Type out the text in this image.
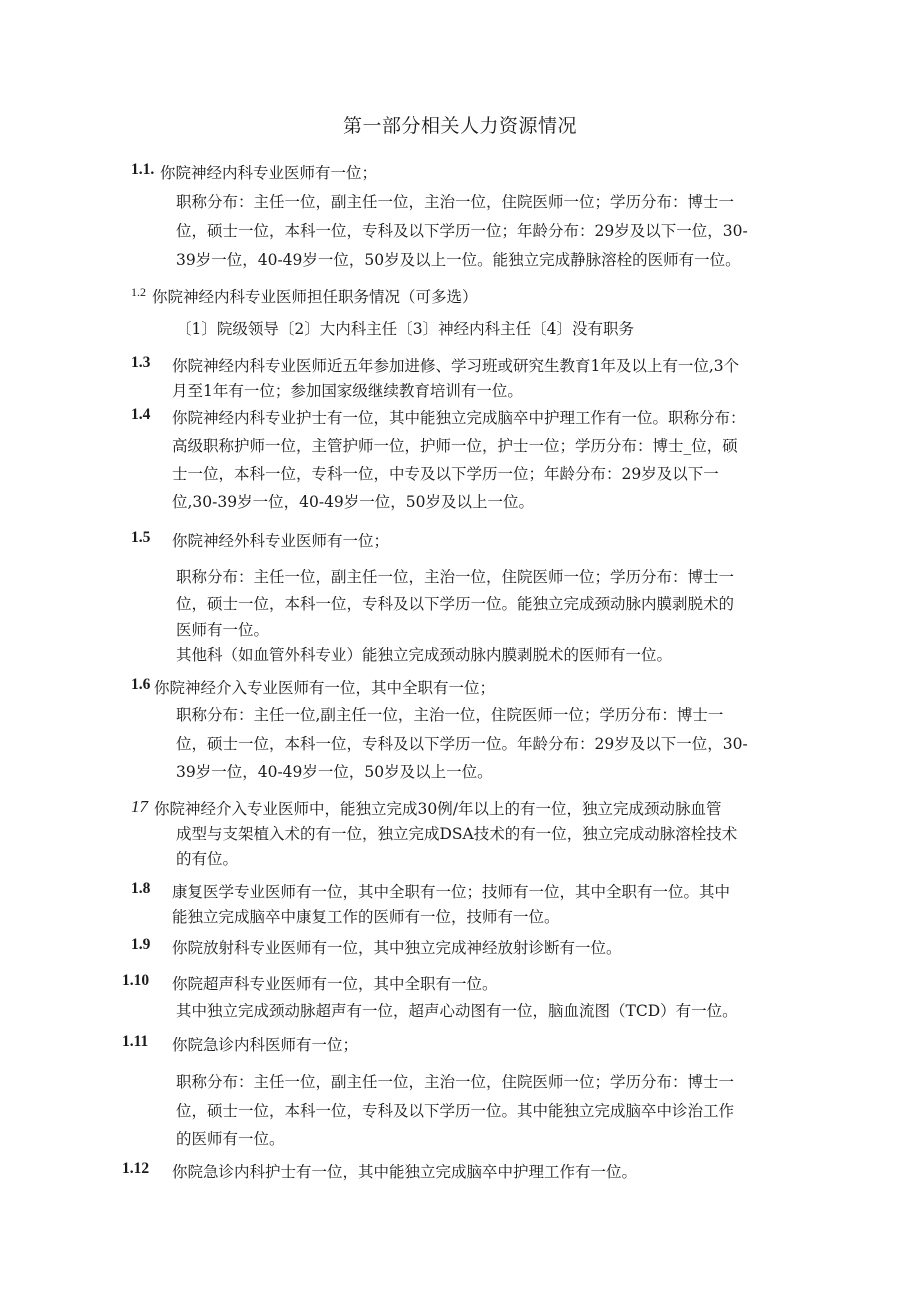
第一部分相关人力资源情况
1.1. 你院神经内科专业医师有一位；
职称分布：主任一位，副主任一位，主治一位，住院医师一位；学历分布：博士一
位，硕士一位，本科一位，专科及以下学历一位；年龄分布：29岁及以下一位，30-
39岁一位，40-49岁一位，50岁及以上一位。能独立完成静脉溶栓的医师有一位。
1.2 你院神经内科专业医师担任职务情况（可多选）
〔1〕院级领导〔2〕大内科主任〔3〕神经内科主任〔4〕没有职务
1.3 你院神经内科专业医师近五年参加进修、学习班或研究生教育1年及以上有一位,3个
月至1年有一位；参加国家级继续教育培训有一位。
1.4 你院神经内科专业护士有一位，其中能独立完成脑卒中护理工作有一位。职称分布：
高级职称护师一位，主管护师一位，护师一位，护士一位；学历分布：博士_位，硕
士一位，本科一位，专科一位，中专及以下学历一位；年龄分布：29岁及以下一
位,30-39岁一位，40-49岁一位，50岁及以上一位。
1.5 你院神经外科专业医师有一位；
职称分布：主任一位，副主任一位，主治一位，住院医师一位；学历分布：博士一
位，硕士一位，本科一位，专科及以下学历一位。能独立完成颈动脉内膜剥脱术的
医师有一位。
其他科（如血管外科专业）能独立完成颈动脉内膜剥脱术的医师有一位。
1.6 你院神经介入专业医师有一位，其中全职有一位；
职称分布：主任一位,副主任一位，主治一位，住院医师一位；学历分布：博士一
位，硕士一位，本科一位，专科及以下学历一位。年龄分布：29岁及以下一位，30-
39岁一位，40-49岁一位，50岁及以上一位。
17 你院神经介入专业医师中，能独立完成30例/年以上的有一位，独立完成颈动脉血管
成型与支架植入术的有一位，独立完成DSA技术的有一位，独立完成动脉溶栓技术
的有位。
1.8 康复医学专业医师有一位，其中全职有一位；技师有一位，其中全职有一位。其中
能独立完成脑卒中康复工作的医师有一位，技师有一位。
1.9 你院放射科专业医师有一位，其中独立完成神经放射诊断有一位。
1.10 你院超声科专业医师有一位，其中全职有一位。
其中独立完成颈动脉超声有一位，超声心动图有一位，脑血流图（TCD）有一位。
1.11 你院急诊内科医师有一位；
职称分布：主任一位，副主任一位，主治一位，住院医师一位；学历分布：博士一
位，硕士一位，本科一位，专科及以下学历一位。其中能独立完成脑卒中诊治工作
的医师有一位。
1.12 你院急诊内科护士有一位，其中能独立完成脑卒中护理工作有一位。
